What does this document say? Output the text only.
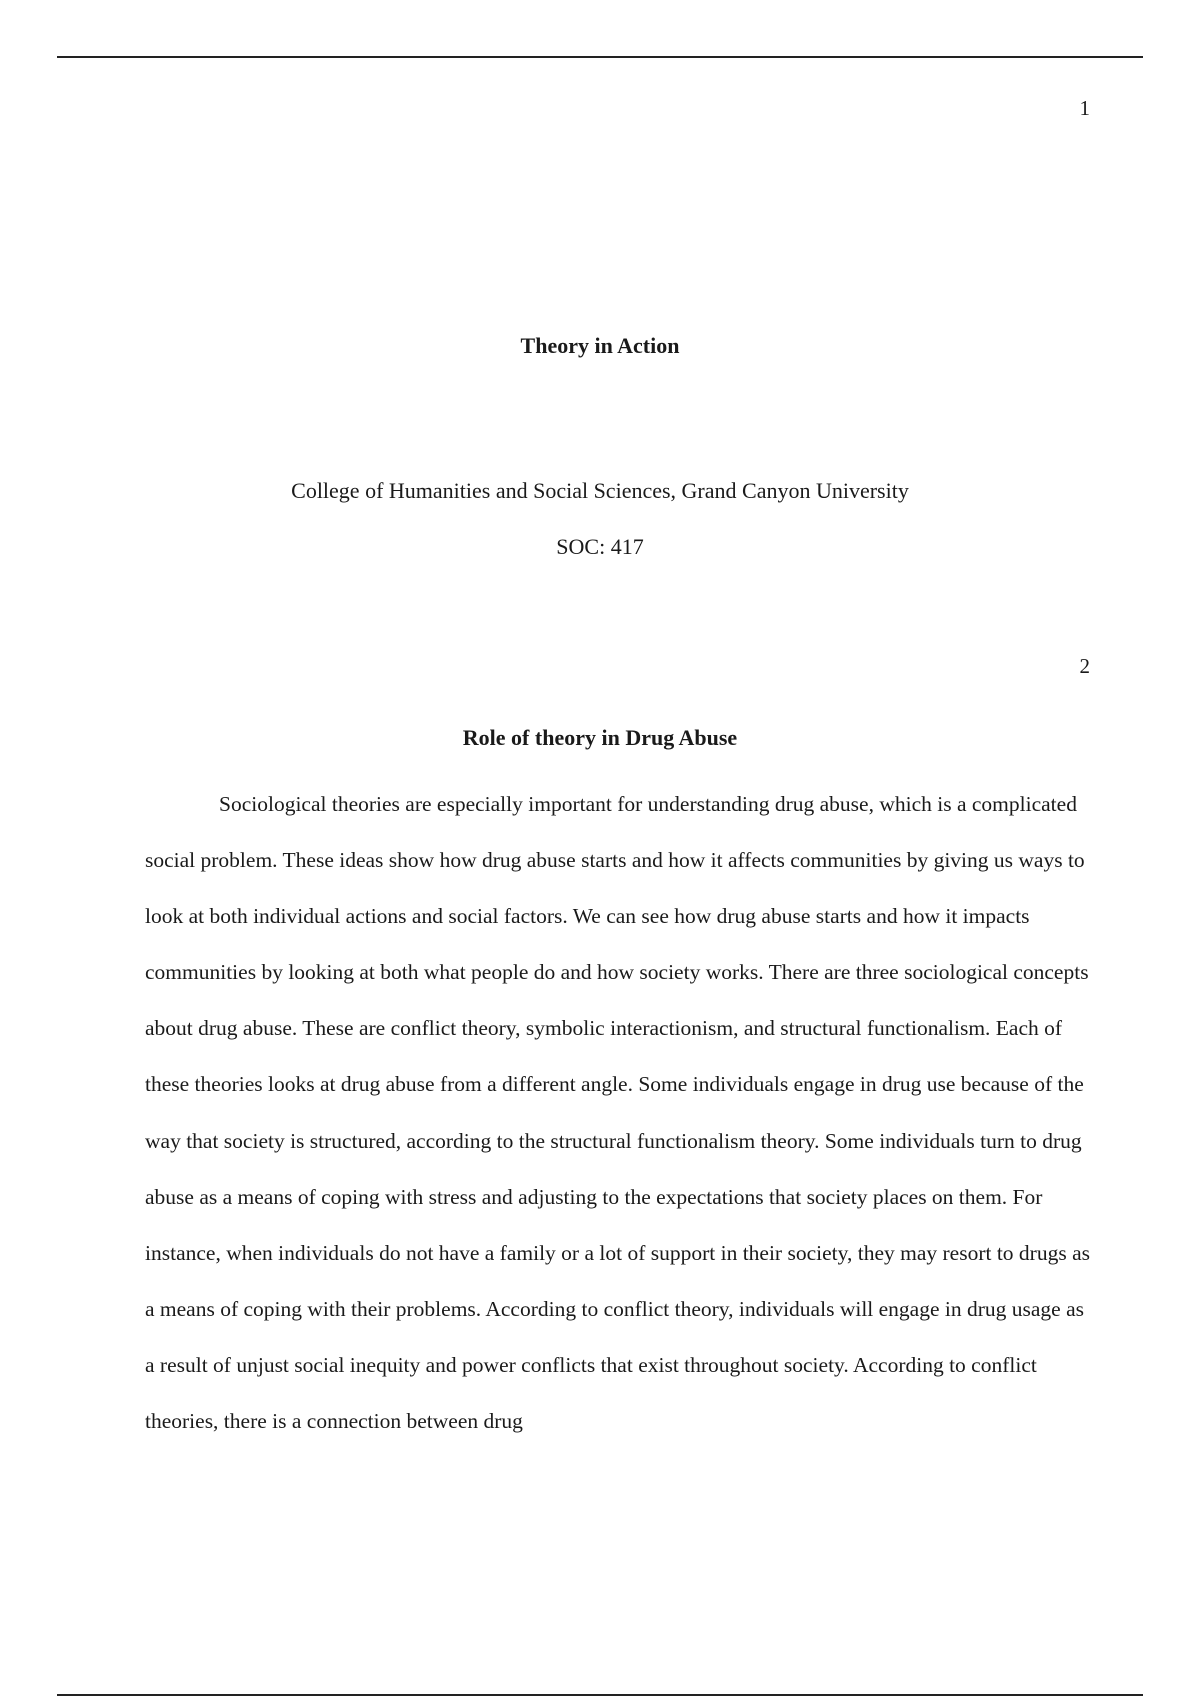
1
Theory in Action
College of Humanities and Social Sciences, Grand Canyon University
SOC: 417
2
Role of theory in Drug Abuse

Sociological theories are especially important for understanding drug abuse, which is a complicated social problem. These ideas show how drug abuse starts and how it affects communities by giving us ways to look at both individual actions and social factors. We can see how drug abuse starts and how it impacts communities by looking at both what people do and how society works. There are three sociological concepts about drug abuse. These are conflict theory, symbolic interactionism, and structural functionalism. Each of these theories looks at drug abuse from a different angle. Some individuals engage in drug use because of the way that society is structured, according to the structural functionalism theory. Some individuals turn to drug abuse as a means of coping with stress and adjusting to the expectations that society places on them. For instance, when individuals do not have a family or a lot of support in their society, they may resort to drugs as a means of coping with their problems. According to conflict theory, individuals will engage in drug usage as a result of unjust social inequity and power conflicts that exist throughout society. According to conflict theories, there is a connection between drug
